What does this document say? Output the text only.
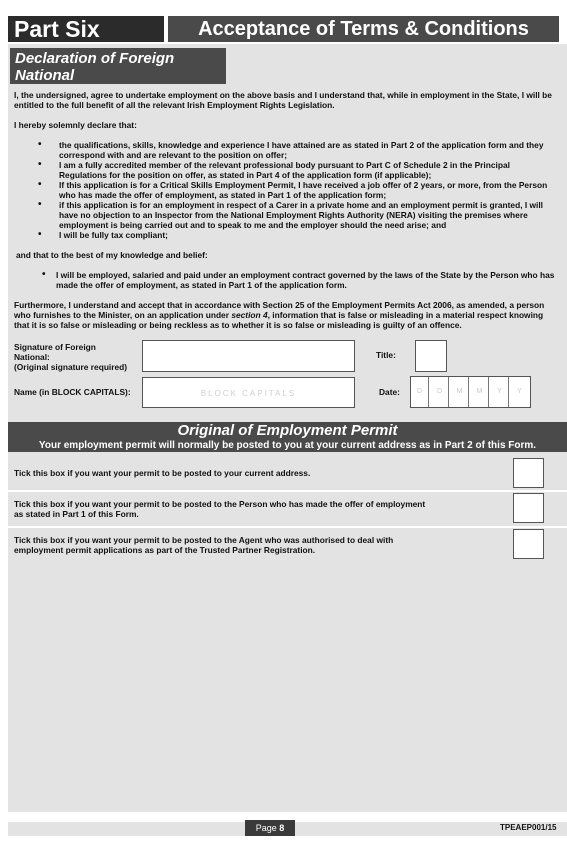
Part Six	Acceptance of Terms & Conditions
Declaration of Foreign
National
I, the undersigned, agree to undertake employment on the above basis and I understand that, while in employment in the State, I will be entitled to the full benefit of all the relevant Irish Employment Rights Legislation.
I hereby solemnly declare that:
• the qualifications, skills, knowledge and experience I have attained are as stated in Part 2 of the application form and they correspond with and are relevant to the position on offer;
• I am a fully accredited member of the relevant professional body pursuant to Part C of Schedule 2 in the Principal Regulations for the position on offer, as stated in Part 4 of the application form (if applicable);
• If this application is for a Critical Skills Employment Permit, I have received a job offer of 2 years, or more, from the Person who has made the offer of employment, as stated in Part 1 of the application form;
• if this application is for an employment in respect of a Carer in a private home and an employment permit is granted, I will have no objection to an Inspector from the National Employment Rights Authority (NERA) visiting the premises where employment is being carried out and to speak to me and the employer should the need arise; and
• I will be fully tax compliant;
and that to the best of my knowledge and belief:
• I will be employed, salaried and paid under an employment contract governed by the laws of the State by the Person who has made the offer of employment, as stated in Part 1 of the application form.
Furthermore, I understand and accept that in accordance with Section 25 of the Employment Permits Act 2006, as amended, a person who furnishes to the Minister, on an application under section 4, information that is false or misleading in a material respect knowing that it is so false or misleading or being reckless as to whether it is so false or misleading is guilty of an offence.
Signature of Foreign
National:
(Original signature required)
Title:
Name (in BLOCK CAPITALS):	BLOCK CAPITALS	Date:	D	D	M	M	Y	Y
Original of Employment Permit
Your employment permit will normally be posted to you at your current address as in Part 2 of this Form.
Tick this box if you want your permit to be posted to your current address.
Tick this box if you want your permit to be posted to the Person who has made the offer of employment
as stated in Part 1 of this Form.
Tick this box if you want your permit to be posted to the Agent who was authorised to deal with
employment permit applications as part of the Trusted Partner Registration.
Page 8	TPEAEP001/15
